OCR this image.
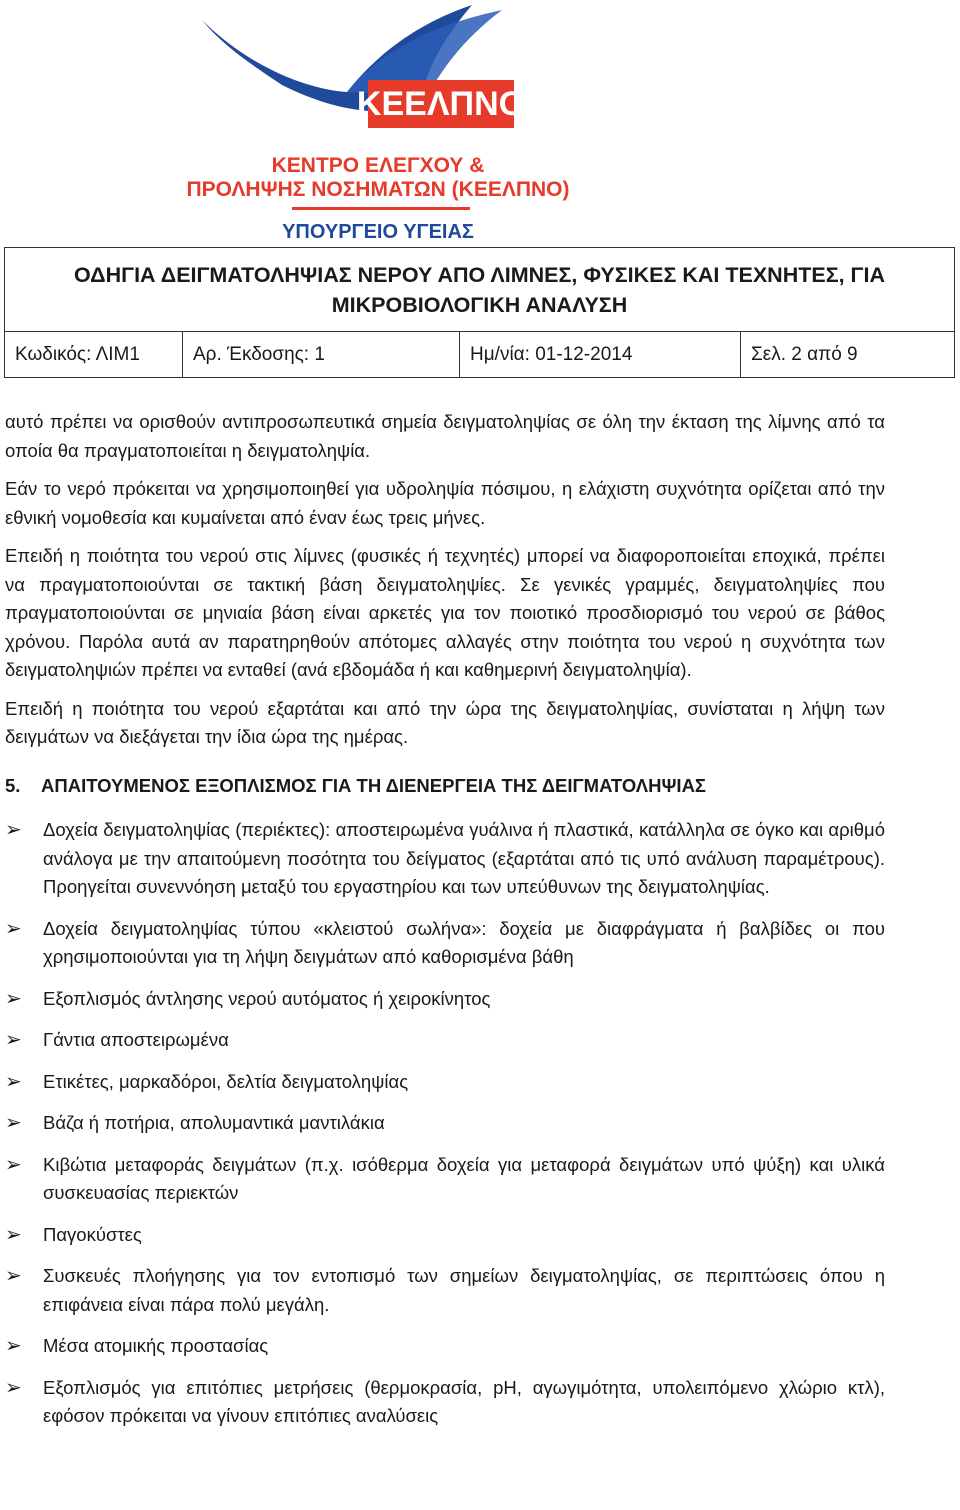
ΚΕΕΛΠΝΟ
ΚΕΝΤΡΟ ΕΛΕΓΧΟΥ &
ΠΡΟΛΗΨΗΣ ΝΟΣΗΜΑΤΩΝ (ΚΕΕΛΠΝΟ)
ΥΠΟΥΡΓΕΙΟ ΥΓΕΙΑΣ
ΟΔΗΓΙΑ ΔΕΙΓΜΑΤΟΛΗΨΙΑΣ ΝΕΡΟΥ ΑΠΟ ΛΙΜΝΕΣ, ΦΥΣΙΚΕΣ ΚΑΙ ΤΕΧΝΗΤΕΣ, ΓΙΑ
ΜΙΚΡΟΒΙΟΛΟΓΙΚΗ ΑΝΑΛΥΣΗ
Κωδικός: ΛΙΜ1	Αρ. Έκδοσης: 1	Ημ/νία: 01-12-2014	Σελ. 2 από 9

αυτό πρέπει να ορισθούν αντιπροσωπευτικά σημεία δειγματοληψίας σε όλη την έκταση της λίμνης από τα οποία θα πραγματοποιείται η δειγματοληψία.

Εάν το νερό πρόκειται να χρησιμοποιηθεί για υδροληψία πόσιμου, η ελάχιστη συχνότητα ορίζεται από την εθνική νομοθεσία και κυμαίνεται από έναν έως τρεις μήνες.

Επειδή η ποιότητα του νερού στις λίμνες (φυσικές ή τεχνητές) μπορεί να διαφοροποιείται εποχικά, πρέπει να πραγματοποιούνται σε τακτική βάση δειγματοληψίες. Σε γενικές γραμμές, δειγματοληψίες που πραγματοποιούνται σε μηνιαία βάση είναι αρκετές για τον ποιοτικό προσδιορισμό του νερού σε βάθος χρόνου. Παρόλα αυτά αν παρατηρηθούν απότομες αλλαγές στην ποιότητα του νερού η συχνότητα των δειγματοληψιών πρέπει να ενταθεί (ανά εβδομάδα ή και καθημερινή δειγματοληψία).

Επειδή η ποιότητα του νερού εξαρτάται και από την ώρα της δειγματοληψίας, συνίσταται η λήψη των δειγμάτων να διεξάγεται την ίδια ώρα της ημέρας.

5. ΑΠΑΙΤΟΥΜΕΝΟΣ ΕΞΟΠΛΙΣΜΟΣ ΓΙΑ ΤΗ ΔΙΕΝΕΡΓΕΙΑ ΤΗΣ ΔΕΙΓΜΑΤΟΛΗΨΙΑΣ
➢ Δοχεία δειγματοληψίας (περιέκτες): αποστειρωμένα γυάλινα ή πλαστικά, κατάλληλα σε όγκο και αριθμό ανάλογα με την απαιτούμενη ποσότητα του δείγματος (εξαρτάται από τις υπό ανάλυση παραμέτρους). Προηγείται συνεννόηση μεταξύ του εργαστηρίου και των υπεύθυνων της δειγματοληψίας.
➢ Δοχεία δειγματοληψίας τύπου «κλειστού σωλήνα»: δοχεία με διαφράγματα ή βαλβίδες οι που χρησιμοποιούνται για τη λήψη δειγμάτων από καθορισμένα βάθη
➢ Εξοπλισμός άντλησης νερού αυτόματος ή χειροκίνητος
➢ Γάντια αποστειρωμένα
➢ Ετικέτες, μαρκαδόροι, δελτία δειγματοληψίας
➢ Βάζα ή ποτήρια, απολυμαντικά μαντιλάκια
➢ Κιβώτια μεταφοράς δειγμάτων (π.χ. ισόθερμα δοχεία για μεταφορά δειγμάτων υπό ψύξη) και υλικά συσκευασίας περιεκτών
➢ Παγοκύστες
➢ Συσκευές πλοήγησης για τον εντοπισμό των σημείων δειγματοληψίας, σε περιπτώσεις όπου η επιφάνεια είναι πάρα πολύ μεγάλη.
➢ Μέσα ατομικής προστασίας
➢ Εξοπλισμός για επιτόπιες μετρήσεις (θερμοκρασία, pH, αγωγιμότητα, υπολειπόμενο χλώριο κτλ), εφόσον πρόκειται να γίνουν επιτόπιες αναλύσεις
